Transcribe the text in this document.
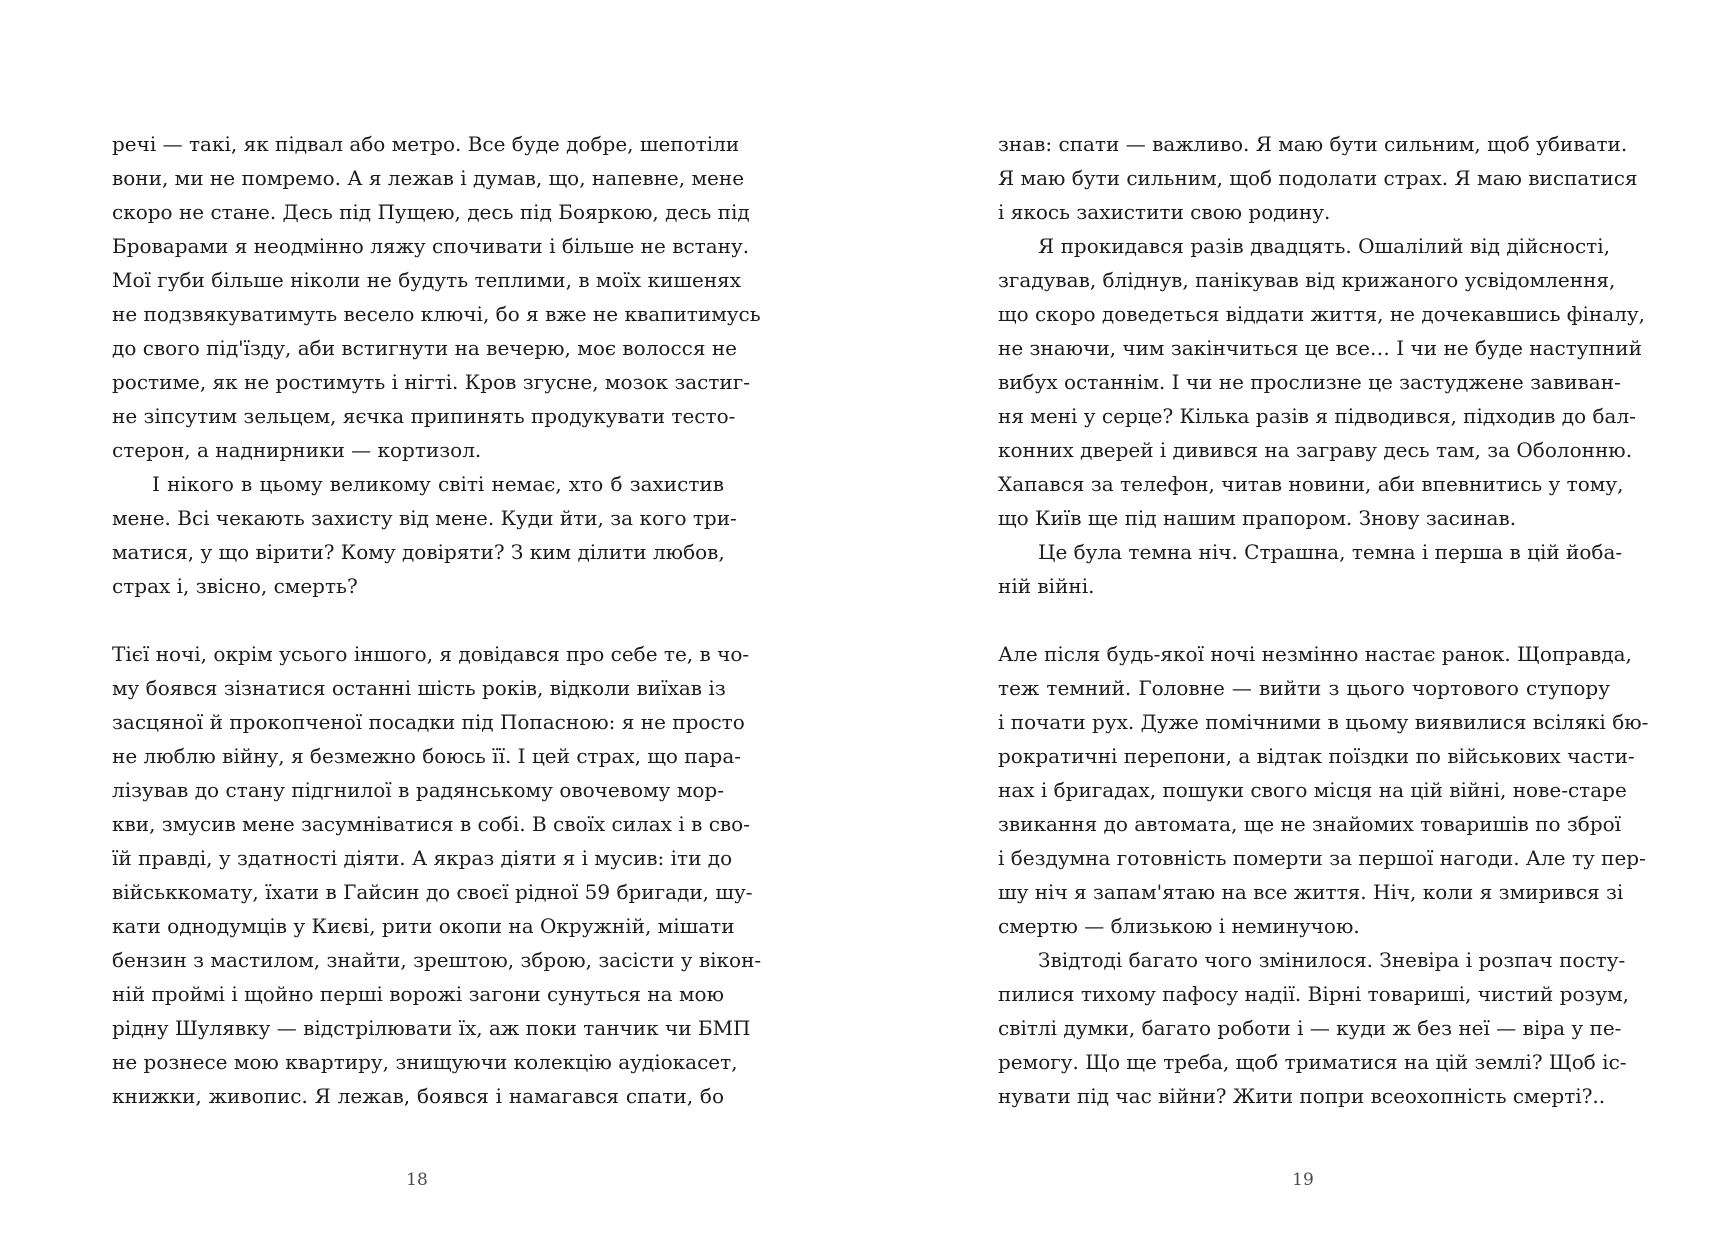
речі — такі, як підвал або метро. Все буде добре, шепотіли
вони, ми не помремо. А я лежав і думав, що, напевне, мене
скоро не стане. Десь під Пущею, десь під Бояркою, десь під
Броварами я неодмінно ляжу спочивати і більше не встану.
Мої губи більше ніколи не будуть теплими, в моїх кишенях
не подзвякуватимуть весело ключі, бо я вже не квапитимусь
до свого під'їзду, аби встигнути на вечерю, моє волосся не
ростиме, як не ростимуть і нігті. Кров згусне, мозок застиг-
не зіпсутим зельцем, яєчка припинять продукувати тесто-
стерон, а наднирники — кортизол.
І нікого в цьому великому світі немає, хто б захистив
мене. Всі чекають захисту від мене. Куди йти, за кого три-
матися, у що вірити? Кому довіряти? З ким ділити любов,
страх і, звісно, смерть?
Тієї ночі, окрім усього іншого, я довідався про себе те, в чо-
му боявся зізнатися останні шість років, відколи виїхав із
засцяної й прокопченої посадки під Попасною: я не просто
не люблю війну, я безмежно боюсь її. І цей страх, що пара-
лізував до стану підгнилої в радянському овочевому мор-
кви, змусив мене засумніватися в собі. В своїх силах і в сво-
їй правді, у здатності діяти. А якраз діяти я і мусив: іти до
військкомату, їхати в Гайсин до своєї рідної 59 бригади, шу-
кати однодумців у Києві, рити окопи на Окружній, мішати
бензин з мастилом, знайти, зрештою, зброю, засісти у вікон-
ній проймі і щойно перші ворожі загони сунуться на мою
рідну Шулявку — відстрілювати їх, аж поки танчик чи БМП
не рознесе мою квартиру, знищуючи колекцію аудіокасет,
книжки, живопис. Я лежав, боявся і намагався спати, бо
знав: спати — важливо. Я маю бути сильним, щоб убивати.
Я маю бути сильним, щоб подолати страх. Я маю виспатися
і якось захистити свою родину.
Я прокидався разів двадцять. Ошалілий від дійсності,
згадував, бліднув, панікував від крижаного усвідомлення,
що скоро доведеться віддати життя, не дочекавшись фіналу,
не знаючи, чим закінчиться це все… І чи не буде наступний
вибух останнім. І чи не прослизне це застуджене завиван-
ня мені у серце? Кілька разів я підводився, підходив до бал-
конних дверей і дивився на заграву десь там, за Оболонню.
Хапався за телефон, читав новини, аби впевнитись у тому,
що Київ ще під нашим прапором. Знову засинав.
Це була темна ніч. Страшна, темна і перша в цій йоба-
ній війні.
Але після будь-якої ночі незмінно настає ранок. Щоправда,
теж темний. Головне — вийти з цього чортового ступору
і почати рух. Дуже помічними в цьому виявилися всілякі бю-
рократичні перепони, а відтак поїздки по військових части-
нах і бригадах, пошуки свого місця на цій війні, нове-старе
звикання до автомата, ще не знайомих товаришів по зброї
і бездумна готовність померти за першої нагоди. Але ту пер-
шу ніч я запам'ятаю на все життя. Ніч, коли я змирився зі
смертю — близькою і неминучою.
Звідтоді багато чого змінилося. Зневіра і розпач посту-
пилися тихому пафосу надії. Вірні товариші, чистий розум,
світлі думки, багато роботи і — куди ж без неї — віра у пе-
ремогу. Що ще треба, щоб триматися на цій землі? Щоб іс-
нувати під час війни? Жити попри всеохопність смерті?..
18	19
